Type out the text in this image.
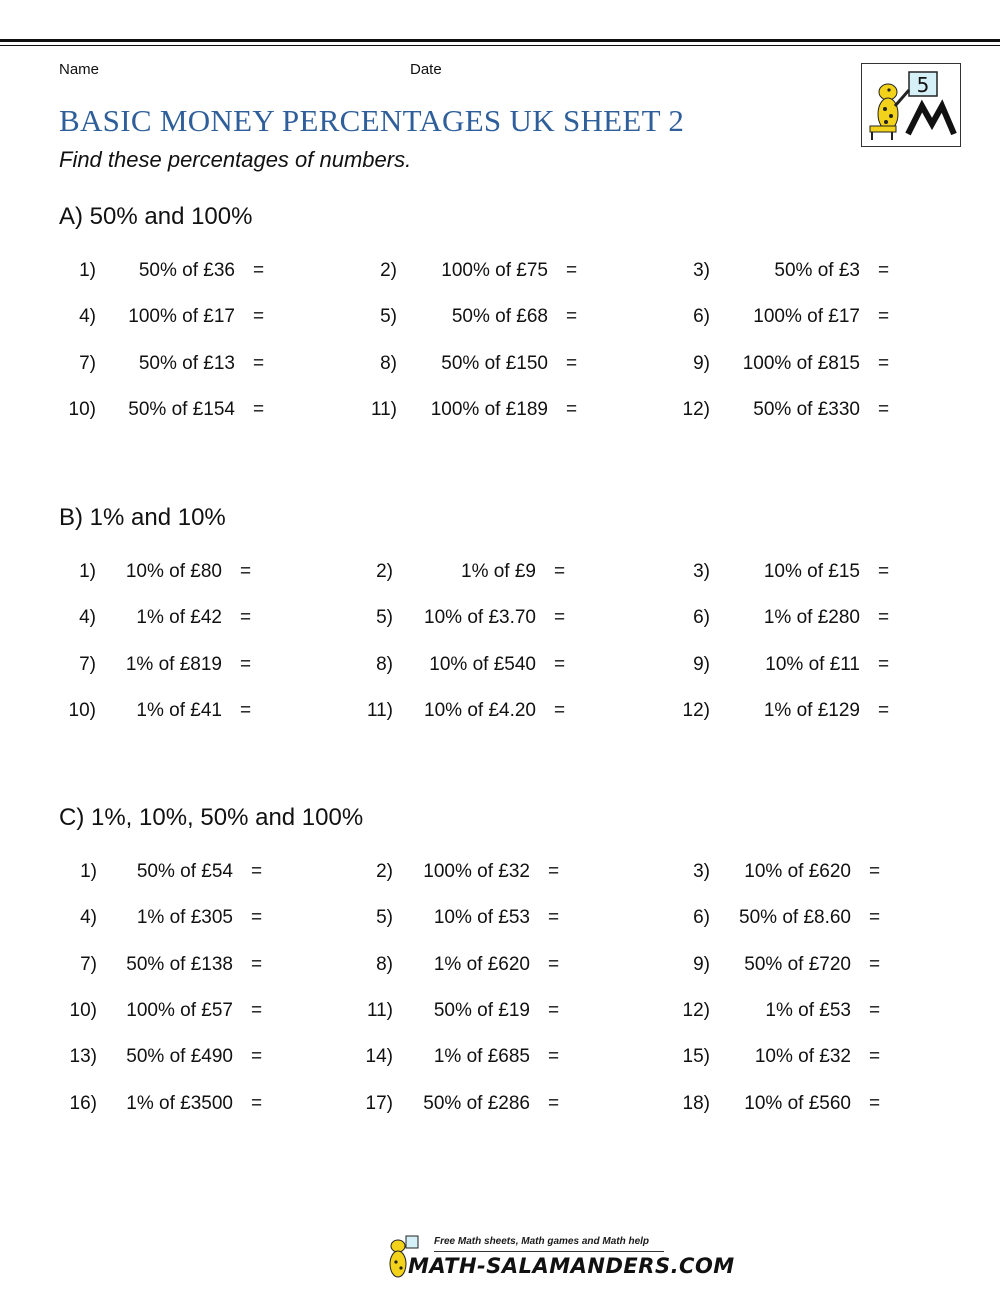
Name	Date
BASIC MONEY PERCENTAGES UK SHEET 2
Find these percentages of numbers.
5
A) 50% and 100%
1) 50% of £36 =	2) 100% of £75 =	3)	50% of £3 =
4) 100% of £17 =	5)	50% of £68 =	6) 100% of £17 =
7) 50% of £13 =	8) 50% of £150 =	9) 100% of £815 =
10) 50% of £154 =	11) 100% of £189 =	12) 50% of £330 =
B) 1% and 10%
1) 10% of £80 =	2)	1% of £9 =	3)	10% of £15 =
4) 1% of £42 =	5) 10% of £3.70 =	6)	1% of £280 =
7) 1% of £819 =	8) 10% of £540 =	9)	10% of £11 =
10) 1% of £41 =	11) 10% of £4.20 =	12)	1% of £129 =
C) 1%, 10%, 50% and 100%
1) 50% of £54 =	2) 100% of £32 =	3) 10% of £620 =
4) 1% of £305 =	5) 10% of £53 =	6) 50% of £8.60 =
7) 50% of £138 =	8) 1% of £620 =	9) 50% of £720 =
10) 100% of £57 =	11) 50% of £19 =	12)	1% of £53 =
13) 50% of £490 =	14) 1% of £685 =	15) 10% of £32 =
16) 1% of £3500 =	17) 50% of £286 =	18) 10% of £560 =
Free Math sheets, Math games and Math help
MATH-SALAMANDERS.COM
